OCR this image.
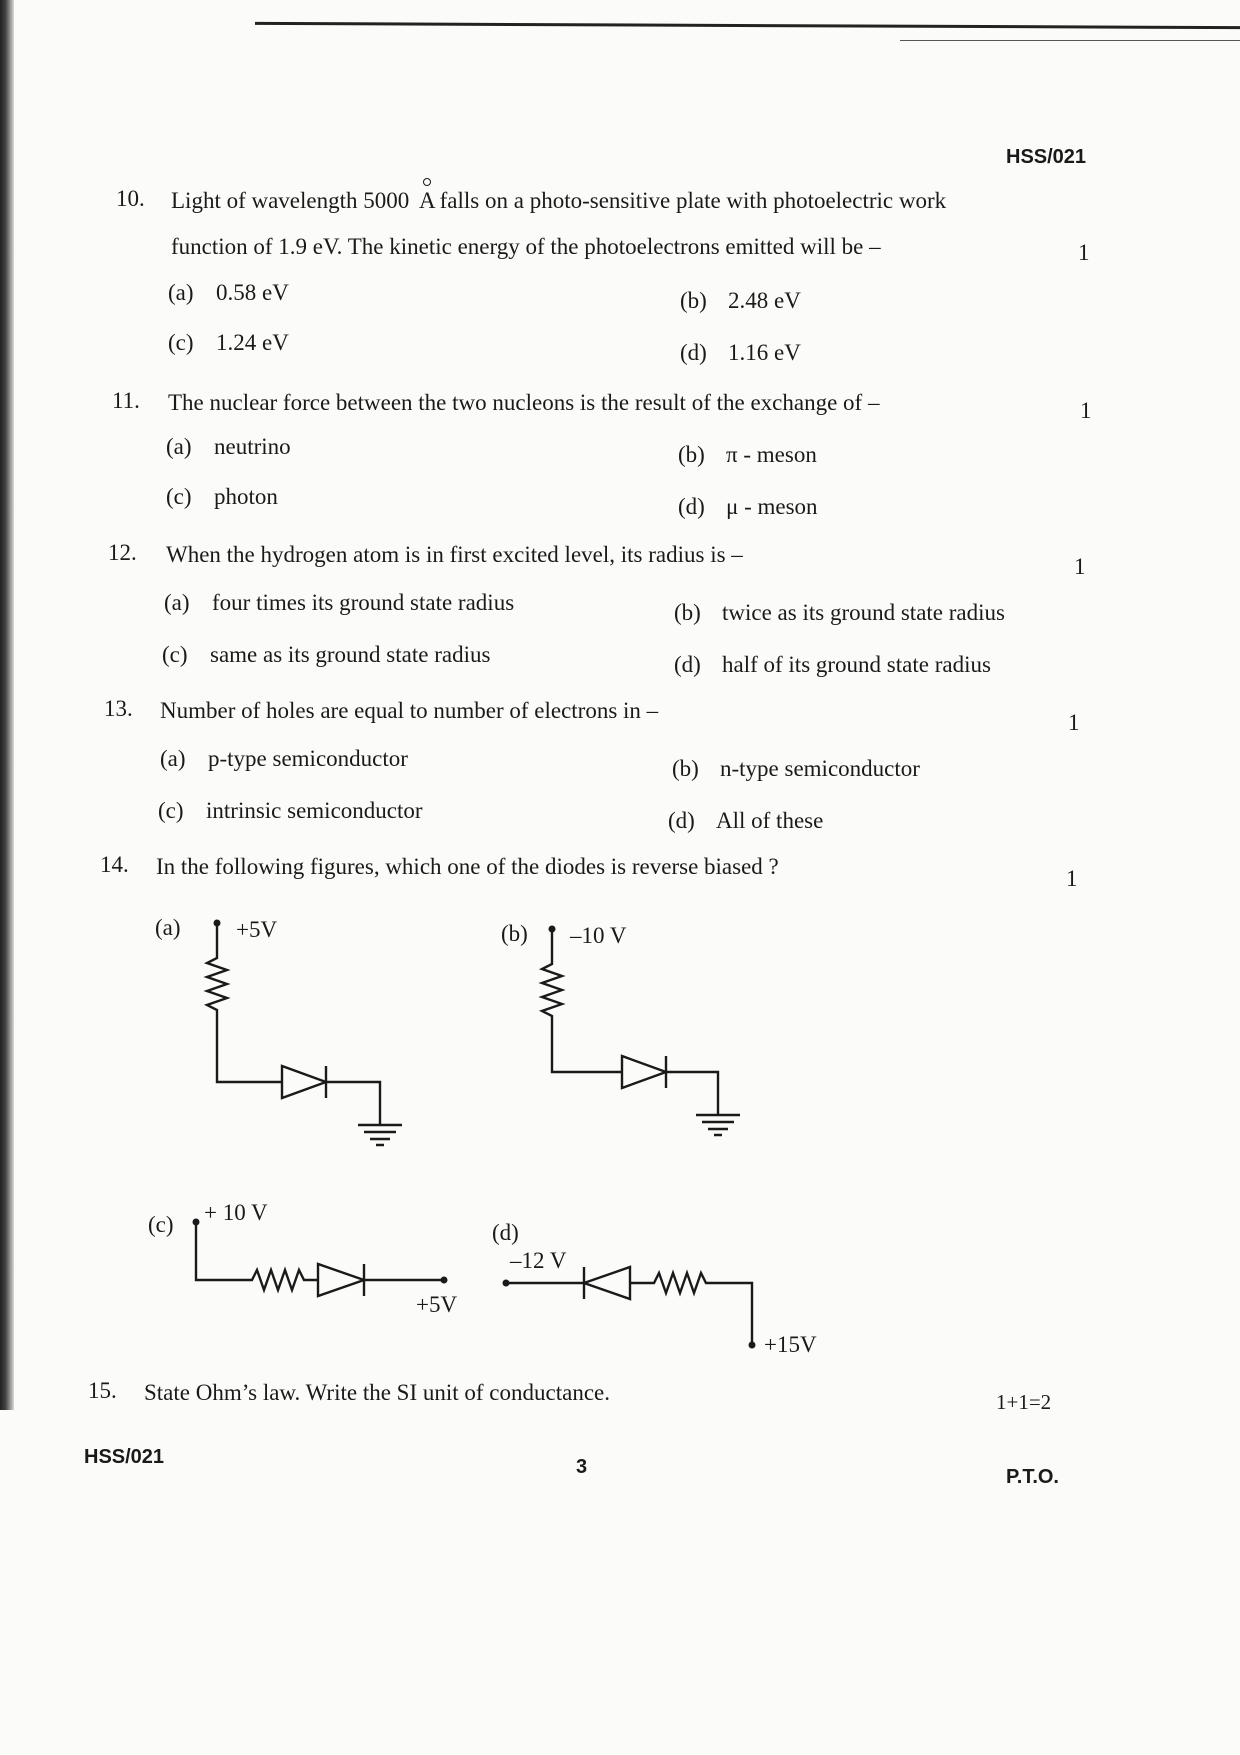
HSS/021
10.	Light of wavelength 5000 A falls on a photo-sensitive plate with photoelectric work
function of 1.9 eV. The kinetic energy of the photoelectrons emitted will be –	1
(a) 0.58 eV	(b) 2.48 eV
(c) 1.24 eV	(d) 1.16 eV
11.	The nuclear force between the two nucleons is the result of the exchange of –	1
(a) neutrino	(b) π - meson
(c) photon	(d) μ - meson
12.	When the hydrogen atom is in first excited level, its radius is –	1
(a) four times its ground state radius	(b) twice as its ground state radius
(c) same as its ground state radius	(d) half of its ground state radius
13.	Number of holes are equal to number of electrons in –	1
(a) p-type semiconductor	(b) n-type semiconductor
(c) intrinsic semiconductor	(d) All of these
14.	In the following figures, which one of the diodes is reverse biased ?	1
(a) +5V	(b) –10 V
(c) + 10 V
+5V
(d)
–12 V
+15V
15.	State Ohm’s law. Write the SI unit of conductance.	1+1=2
HSS/021	3	P.T.O.
